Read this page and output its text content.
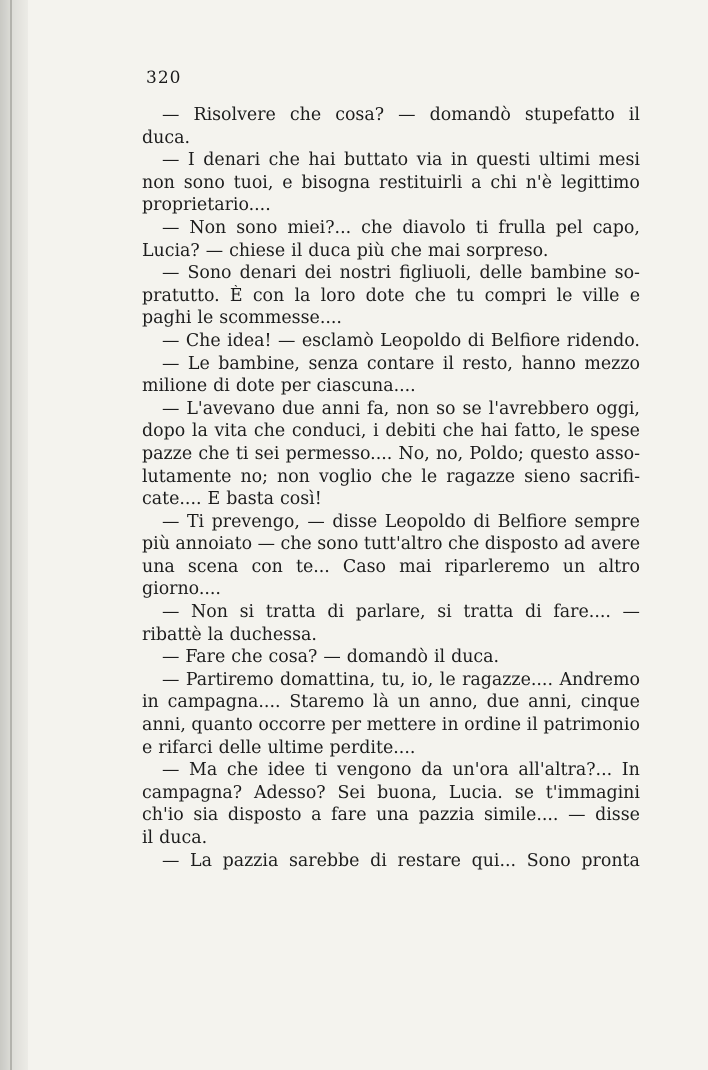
320
— Risolvere che cosa? — domandò stupefatto il
duca.
— I denari che hai buttato via in questi ultimi mesi
non sono tuoi, e bisogna restituirli a chi n'è legittimo
proprietario....
— Non sono miei?... che diavolo ti frulla pel capo,
Lucia? — chiese il duca più che mai sorpreso.
— Sono denari dei nostri figliuoli, delle bambine so-
pratutto. È con la loro dote che tu compri le ville e
paghi le scommesse....
— Che idea! — esclamò Leopoldo di Belfiore ridendo.
— Le bambine, senza contare il resto, hanno mezzo
milione di dote per ciascuna....
— L'avevano due anni fa, non so se l'avrebbero oggi,
dopo la vita che conduci, i debiti che hai fatto, le spese
pazze che ti sei permesso.... No, no, Poldo; questo asso-
lutamente no; non voglio che le ragazze sieno sacrifi-
cate.... E basta così!
— Ti prevengo, — disse Leopoldo di Belfiore sempre
più annoiato — che sono tutt'altro che disposto ad avere
una scena con te... Caso mai riparleremo un altro
giorno....
— Non si tratta di parlare, si tratta di fare.... —
ribattè la duchessa.
— Fare che cosa? — domandò il duca.
— Partiremo domattina, tu, io, le ragazze.... Andremo
in campagna.... Staremo là un anno, due anni, cinque
anni, quanto occorre per mettere in ordine il patrimonio
e rifarci delle ultime perdite....
— Ma che idee ti vengono da un'ora all'altra?... In
campagna? Adesso? Sei buona, Lucia. se t'immagini
ch'io sia disposto a fare una pazzia simile.... — disse
il duca.
— La pazzia sarebbe di restare qui... Sono pronta
